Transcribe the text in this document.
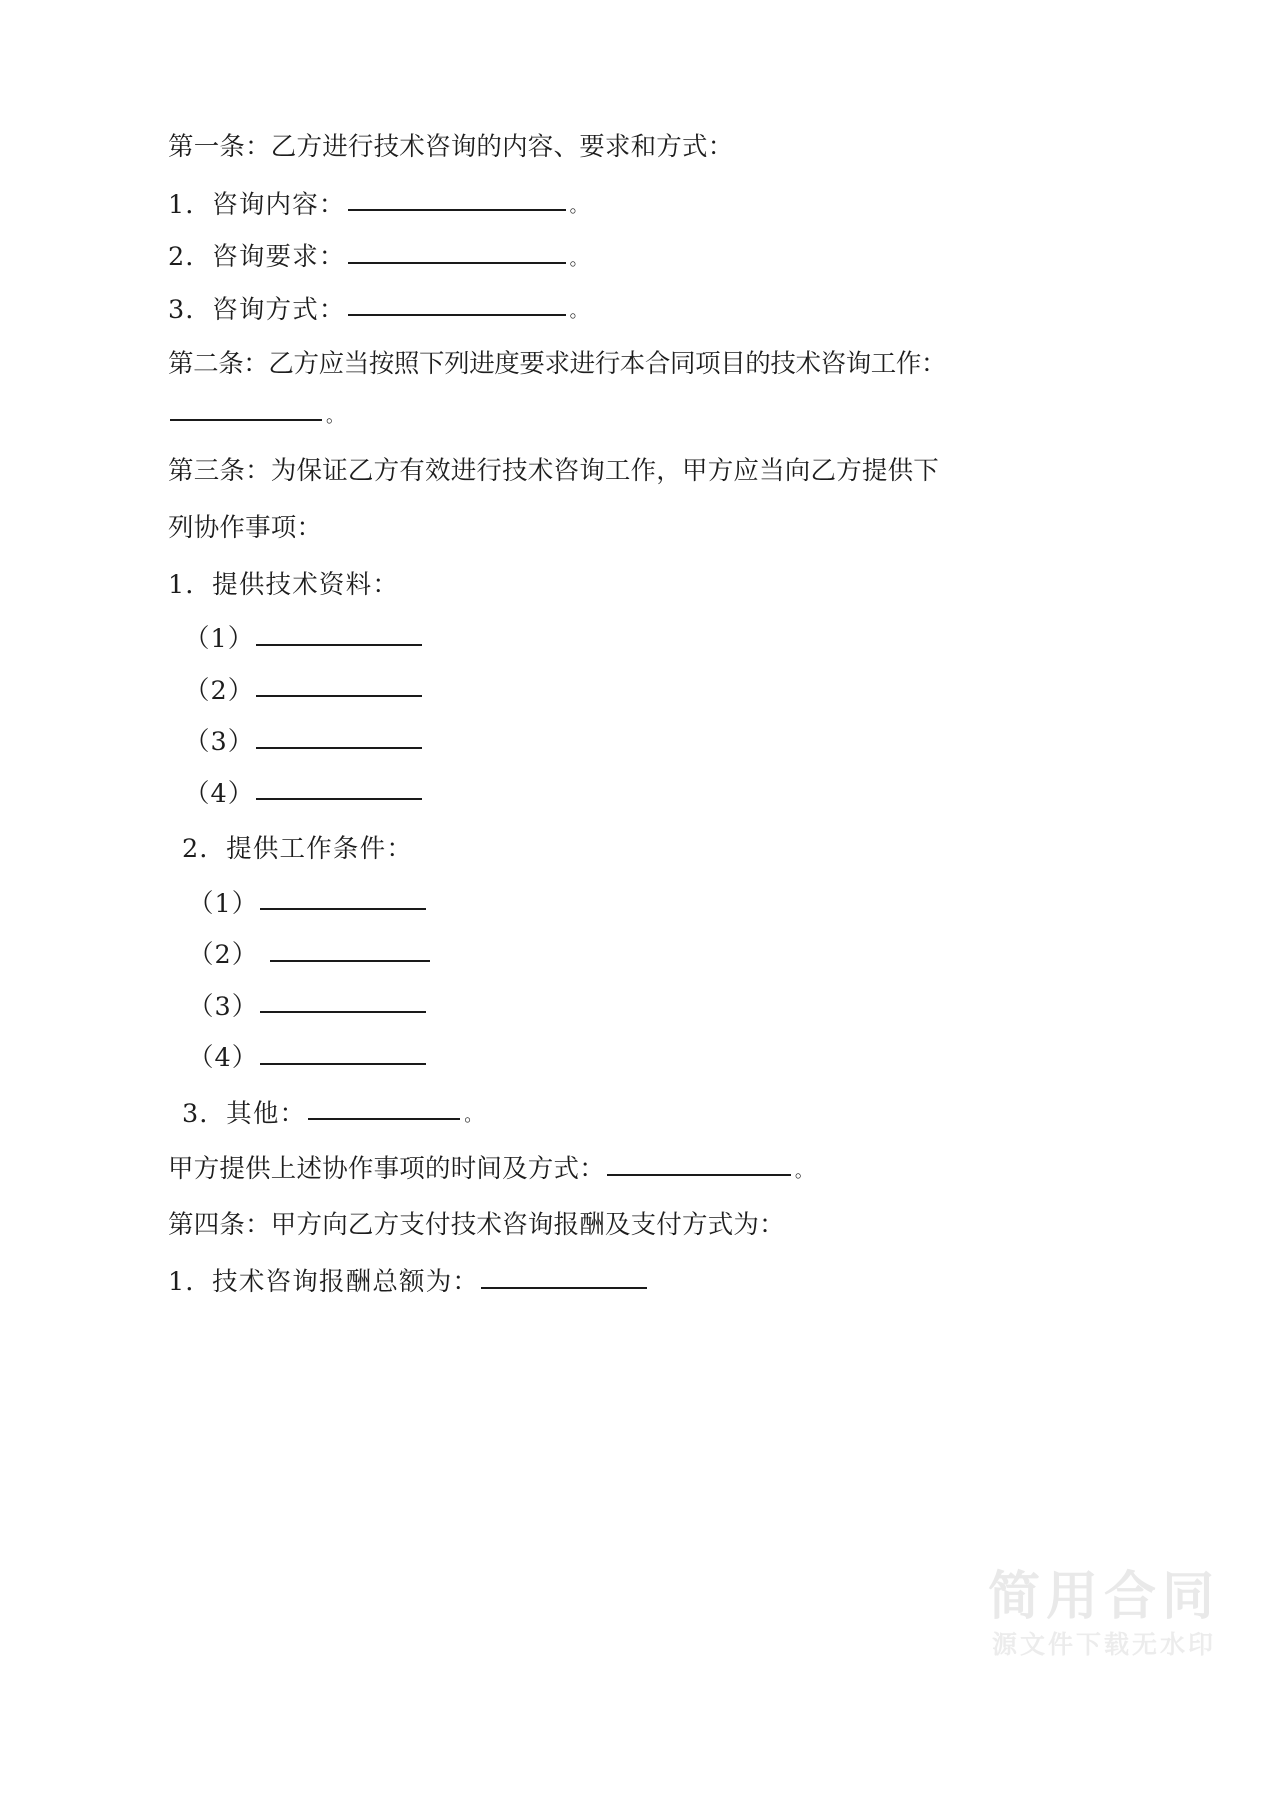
第一条：乙方进行技术咨询的内容、要求和方式：
1．咨询内容：	。
2．咨询要求：	。
3．咨询方式：	。
第二条：乙方应当按照下列进度要求进行本合同项目的技术咨询工作：
。
第三条：为保证乙方有效进行技术咨询工作，甲方应当向乙方提供下
列协作事项：
1．提供技术资料：
（1）
（2）
（3）
（4）
2．提供工作条件：
（1）
（2）
（3）
（4）
3．其他：	。
甲方提供上述协作事项的时间及方式：	。
第四条：甲方向乙方支付技术咨询报酬及支付方式为：
1．技术咨询报酬总额为：
简用合同
源文件下载无水印
